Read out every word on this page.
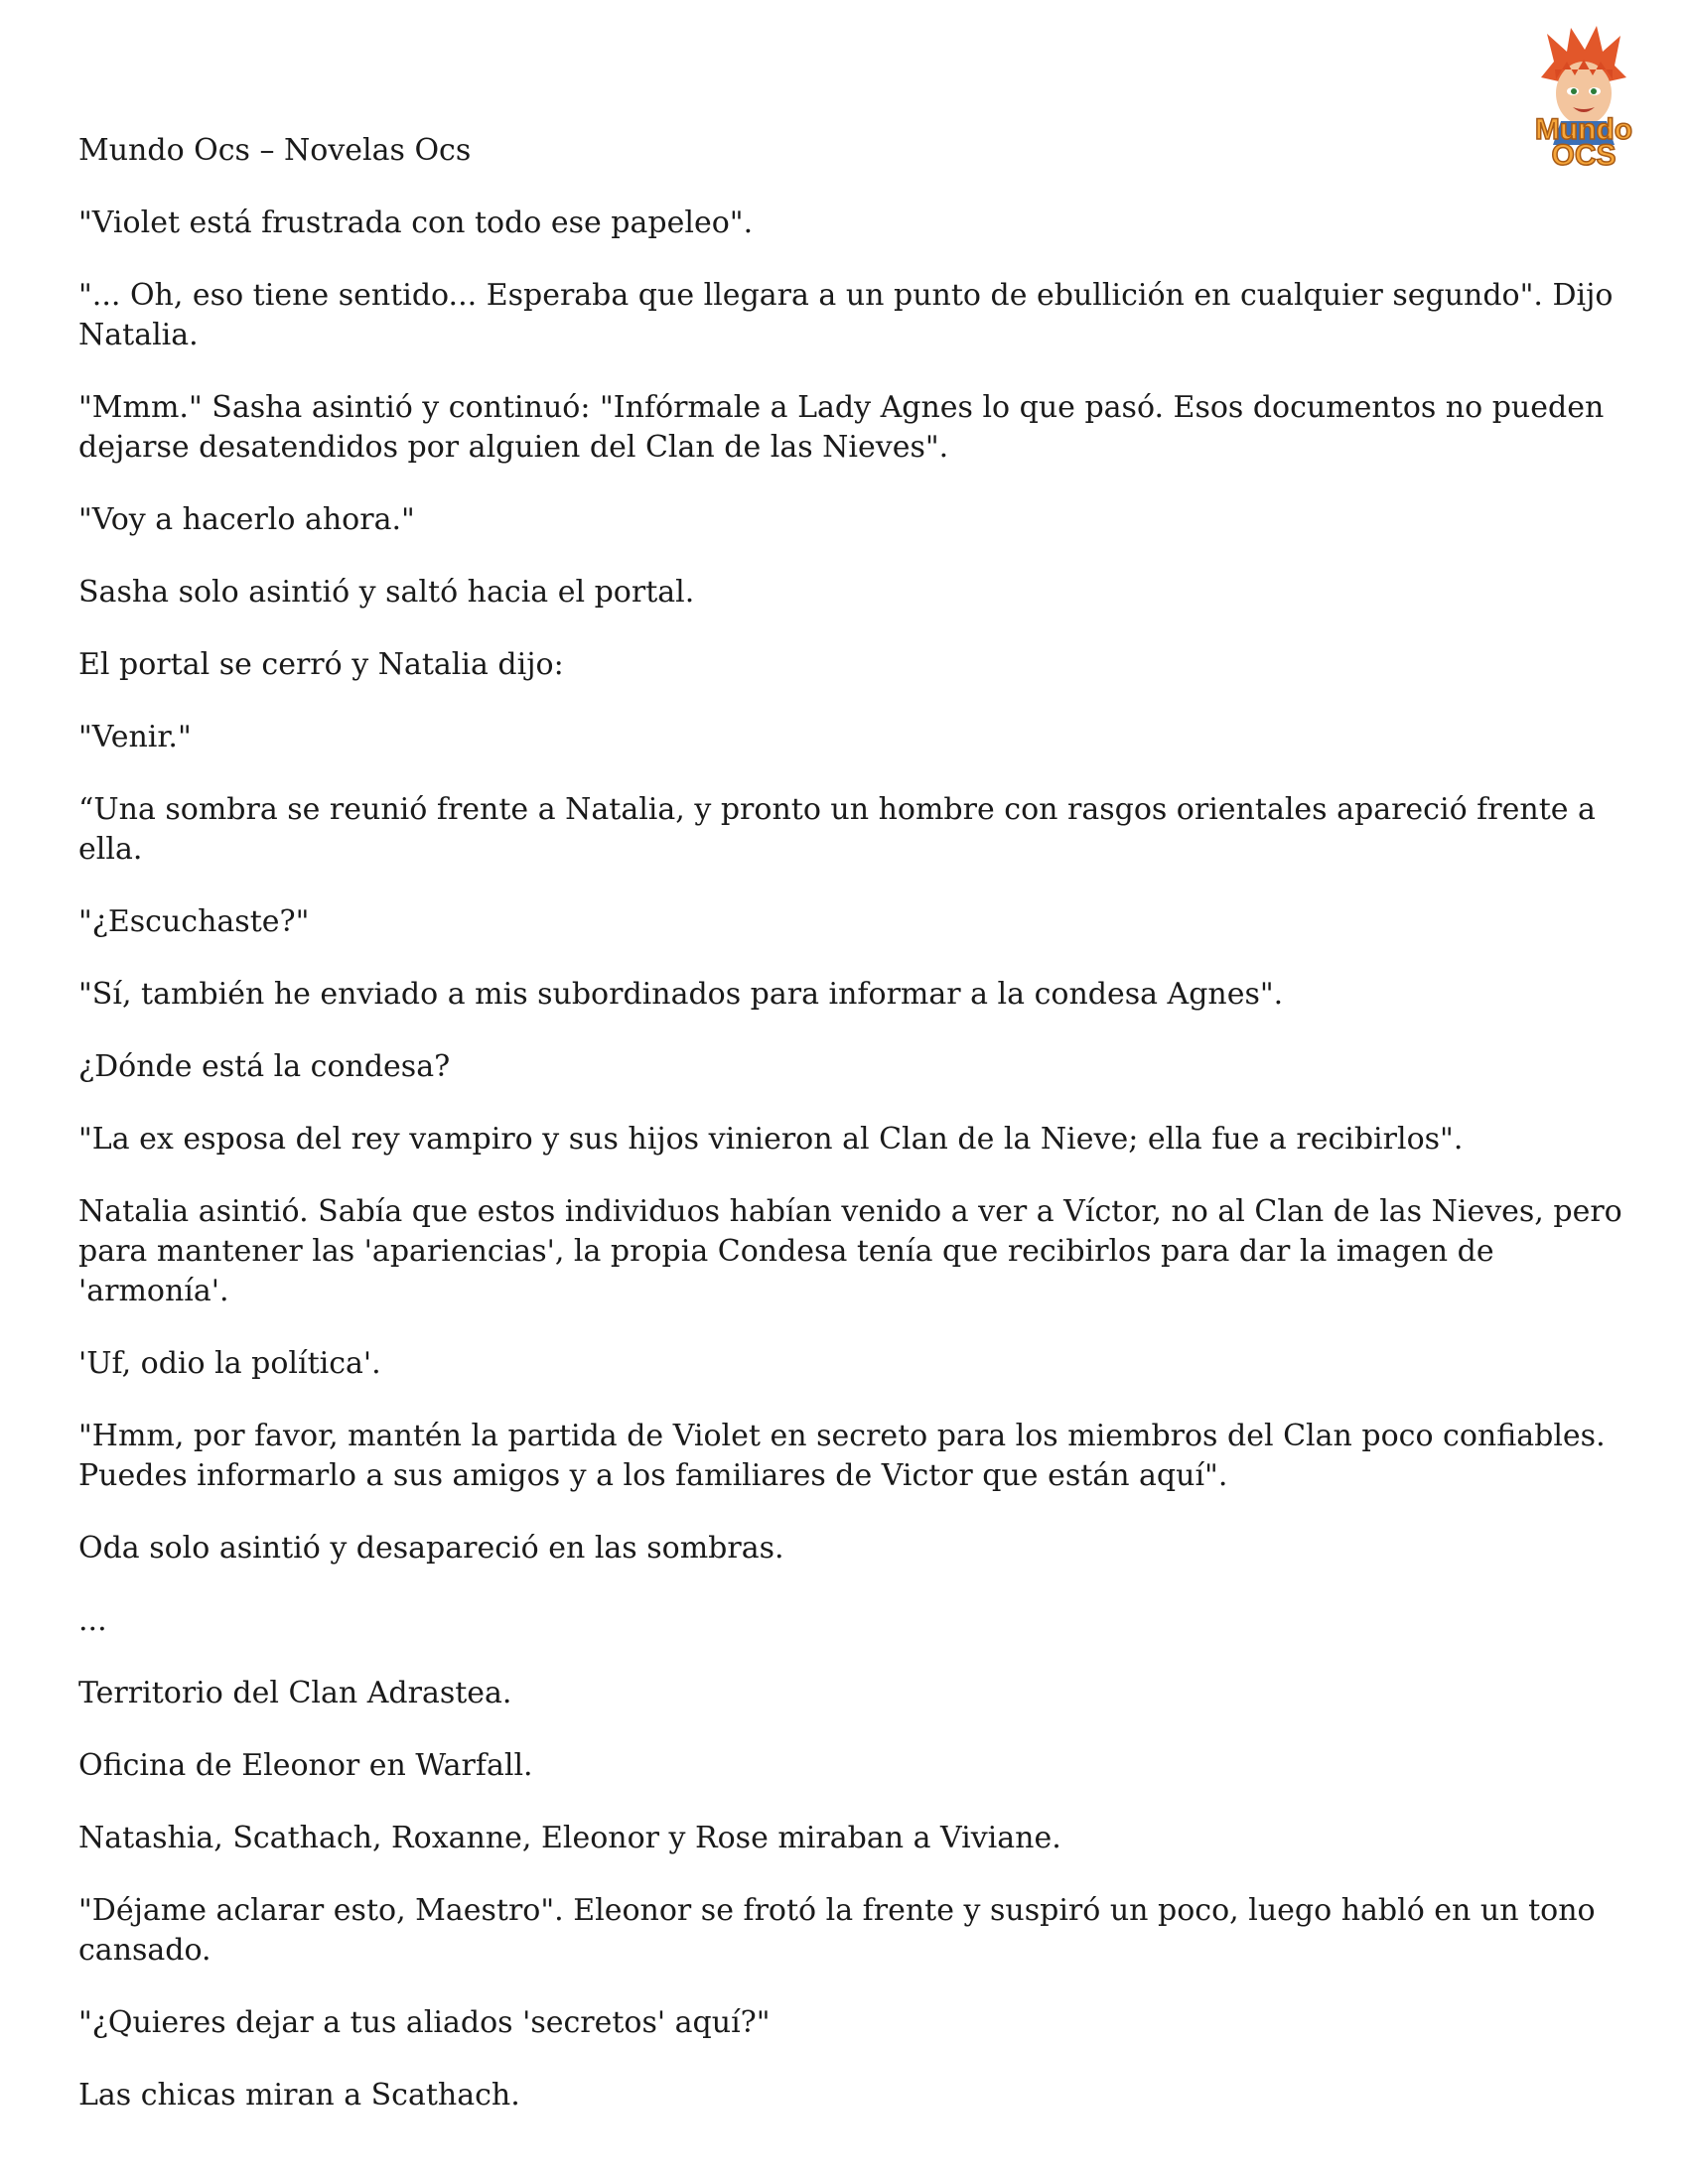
Mundo
OCS

Mundo Ocs – Novelas Ocs

"Violet está frustrada con todo ese papeleo".

"... Oh, eso tiene sentido... Esperaba que llegara a un punto de ebullición en cualquier segundo". Dijo Natalia.

"Mmm." Sasha asintió y continuó: "Infórmale a Lady Agnes lo que pasó. Esos documentos no pueden dejarse desatendidos por alguien del Clan de las Nieves".

"Voy a hacerlo ahora."

Sasha solo asintió y saltó hacia el portal.

El portal se cerró y Natalia dijo:

"Venir."

“Una sombra se reunió frente a Natalia, y pronto un hombre con rasgos orientales apareció frente a ella.

"¿Escuchaste?"

"Sí, también he enviado a mis subordinados para informar a la condesa Agnes".

¿Dónde está la condesa?

"La ex esposa del rey vampiro y sus hijos vinieron al Clan de la Nieve; ella fue a recibirlos".

Natalia asintió. Sabía que estos individuos habían venido a ver a Víctor, no al Clan de las Nieves, pero para mantener las 'apariencias', la propia Condesa tenía que recibirlos para dar la imagen de 'armonía'.

'Uf, odio la política'.

"Hmm, por favor, mantén la partida de Violet en secreto para los miembros del Clan poco confiables. Puedes informarlo a sus amigos y a los familiares de Victor que están aquí".

Oda solo asintió y desapareció en las sombras.

...

Territorio del Clan Adrastea.

Oficina de Eleonor en Warfall.

Natashia, Scathach, Roxanne, Eleonor y Rose miraban a Viviane.

"Déjame aclarar esto, Maestro". Eleonor se frotó la frente y suspiró un poco, luego habló en un tono cansado.

"¿Quieres dejar a tus aliados 'secretos' aquí?"

Las chicas miran a Scathach.
